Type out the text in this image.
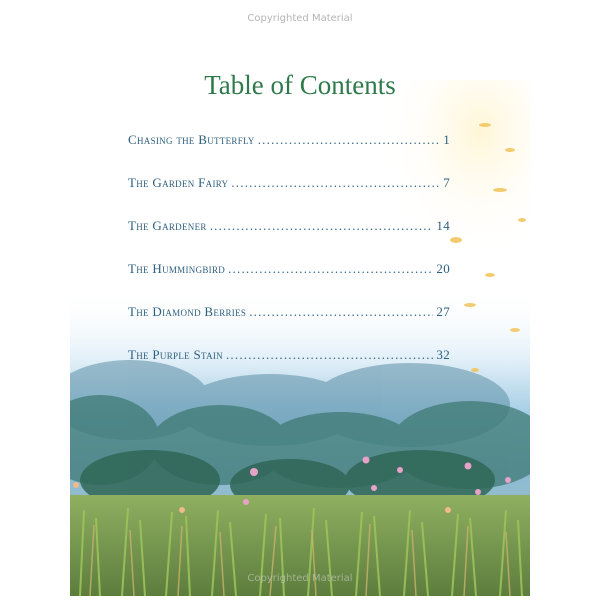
Copyrighted Material
Table of Contents
Chasing the Butterfly .....	1
The Garden Fairy .....	7
The Gardener .....	14
The Hummingbird .....	20
The Diamond Berries .....	27
The Purple Stain .....	32
Copyrighted Material
